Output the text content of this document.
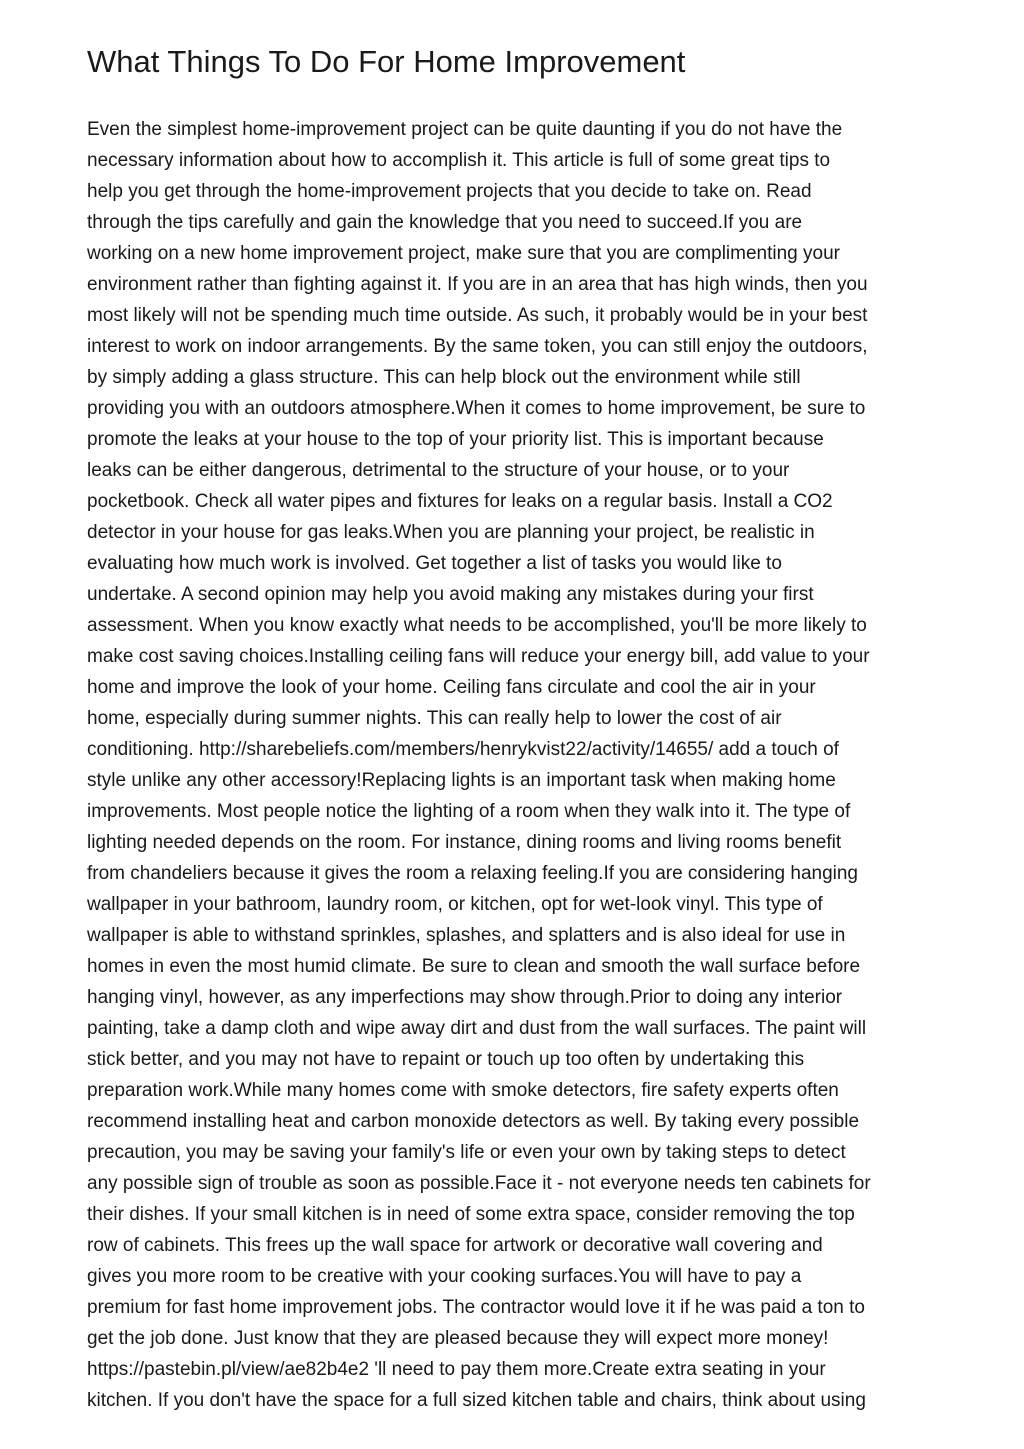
What Things To Do For Home Improvement
Even the simplest home-improvement project can be quite daunting if you do not have the
necessary information about how to accomplish it. This article is full of some great tips to
help you get through the home-improvement projects that you decide to take on. Read
through the tips carefully and gain the knowledge that you need to succeed.If you are
working on a new home improvement project, make sure that you are complimenting your
environment rather than fighting against it. If you are in an area that has high winds, then you
most likely will not be spending much time outside. As such, it probably would be in your best
interest to work on indoor arrangements. By the same token, you can still enjoy the outdoors,
by simply adding a glass structure. This can help block out the environment while still
providing you with an outdoors atmosphere.When it comes to home improvement, be sure to
promote the leaks at your house to the top of your priority list. This is important because
leaks can be either dangerous, detrimental to the structure of your house, or to your
pocketbook. Check all water pipes and fixtures for leaks on a regular basis. Install a CO2
detector in your house for gas leaks.When you are planning your project, be realistic in
evaluating how much work is involved. Get together a list of tasks you would like to
undertake. A second opinion may help you avoid making any mistakes during your first
assessment. When you know exactly what needs to be accomplished, you'll be more likely to
make cost saving choices.Installing ceiling fans will reduce your energy bill, add value to your
home and improve the look of your home. Ceiling fans circulate and cool the air in your
home, especially during summer nights. This can really help to lower the cost of air
conditioning. http://sharebeliefs.com/members/henrykvist22/activity/14655/ add a touch of
style unlike any other accessory!Replacing lights is an important task when making home
improvements. Most people notice the lighting of a room when they walk into it. The type of
lighting needed depends on the room. For instance, dining rooms and living rooms benefit
from chandeliers because it gives the room a relaxing feeling.If you are considering hanging
wallpaper in your bathroom, laundry room, or kitchen, opt for wet-look vinyl. This type of
wallpaper is able to withstand sprinkles, splashes, and splatters and is also ideal for use in
homes in even the most humid climate. Be sure to clean and smooth the wall surface before
hanging vinyl, however, as any imperfections may show through.Prior to doing any interior
painting, take a damp cloth and wipe away dirt and dust from the wall surfaces. The paint will
stick better, and you may not have to repaint or touch up too often by undertaking this
preparation work.While many homes come with smoke detectors, fire safety experts often
recommend installing heat and carbon monoxide detectors as well. By taking every possible
precaution, you may be saving your family's life or even your own by taking steps to detect
any possible sign of trouble as soon as possible.Face it - not everyone needs ten cabinets for
their dishes. If your small kitchen is in need of some extra space, consider removing the top
row of cabinets. This frees up the wall space for artwork or decorative wall covering and
gives you more room to be creative with your cooking surfaces.You will have to pay a
premium for fast home improvement jobs. The contractor would love it if he was paid a ton to
get the job done. Just know that they are pleased because they will expect more money!
https://pastebin.pl/view/ae82b4e2 'll need to pay them more.Create extra seating in your
kitchen. If you don't have the space for a full sized kitchen table and chairs, think about using
